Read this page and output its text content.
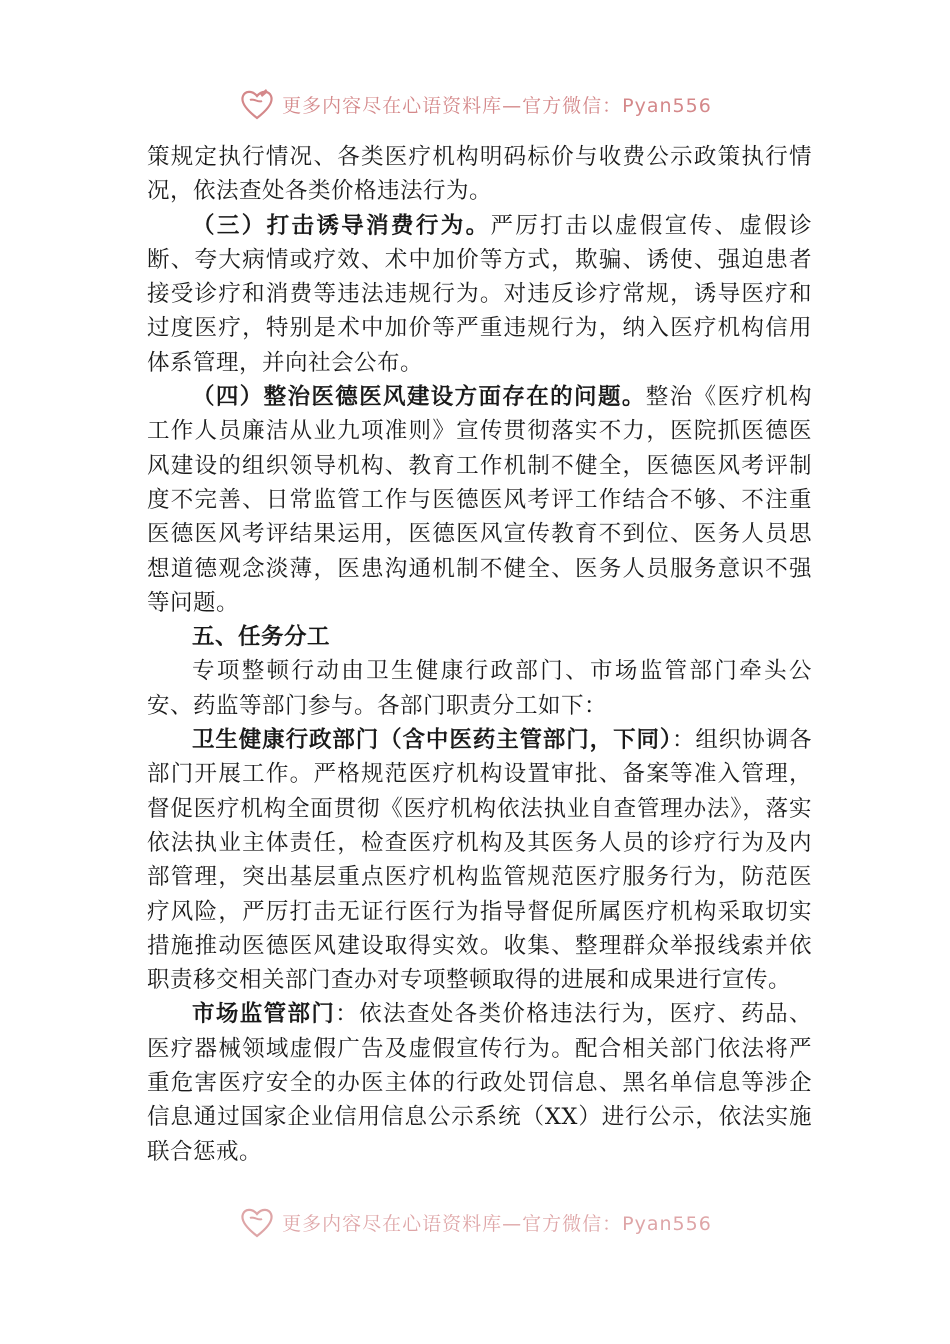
更多内容尽在心语资料库—官方微信：Pyan556

策规定执行情况、各类医疗机构明码标价与收费公示政策执行情况，依法查处各类价格违法行为。

（三）打击诱导消费行为。严厉打击以虚假宣传、虚假诊断、夸大病情或疗效、术中加价等方式，欺骗、诱使、强迫患者接受诊疗和消费等违法违规行为。对违反诊疗常规，诱导医疗和过度医疗，特别是术中加价等严重违规行为，纳入医疗机构信用体系管理，并向社会公布。

（四）整治医德医风建设方面存在的问题。整治《医疗机构工作人员廉洁从业九项准则》宣传贯彻落实不力，医院抓医德医风建设的组织领导机构、教育工作机制不健全，医德医风考评制度不完善、日常监管工作与医德医风考评工作结合不够、不注重医德医风考评结果运用，医德医风宣传教育不到位、医务人员思想道德观念淡薄，医患沟通机制不健全、医务人员服务意识不强等问题。

五、任务分工

专项整顿行动由卫生健康行政部门、市场监管部门牵头公安、药监等部门参与。各部门职责分工如下：

卫生健康行政部门（含中医药主管部门，下同）：组织协调各部门开展工作。严格规范医疗机构设置审批、备案等准入管理，督促医疗机构全面贯彻《医疗机构依法执业自查管理办法》，落实依法执业主体责任，检查医疗机构及其医务人员的诊疗行为及内部管理，突出基层重点医疗机构监管规范医疗服务行为，防范医疗风险，严厉打击无证行医行为指导督促所属医疗机构采取切实措施推动医德医风建设取得实效。收集、整理群众举报线索并依职责移交相关部门查办对专项整顿取得的进展和成果进行宣传。

市场监管部门：依法查处各类价格违法行为，医疗、药品、医疗器械领域虚假广告及虚假宣传行为。配合相关部门依法将严重危害医疗安全的办医主体的行政处罚信息、黑名单信息等涉企信息通过国家企业信用信息公示系统（XX）进行公示，依法实施联合惩戒。

更多内容尽在心语资料库—官方微信：Pyan556
